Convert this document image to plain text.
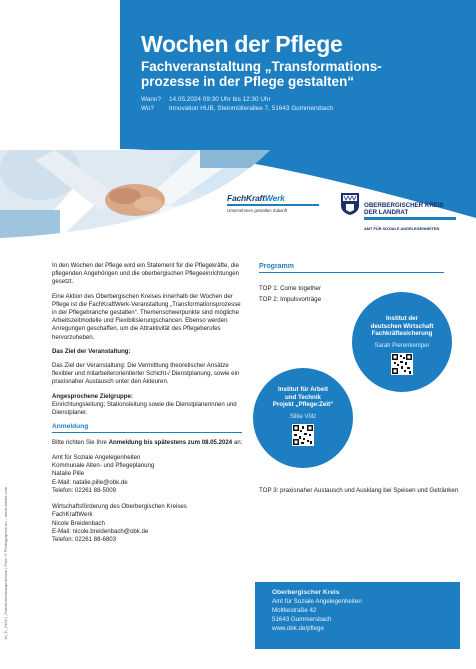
Wochen der Pflege
Fachveranstaltung „Transformations-
prozesse in der Pflege gestalten“
Wann? 14.05.2024 09:30 Uhr bis 12:30 Uhr
Wo? Innovation HUB, Steinmüllerallee 7, 51643 Gummersbach
FachKraftWerk
Unternehmen gestalten Zukunft
OBERBERGISCHER KREIS
DER LANDRAT
AMT FÜR SOZIALE ANGELEGENHEITEN

In den Wochen der Pflege wird ein Statement für die Pflegekräfte, die pflegenden Angehörigen und die oberbergischen Pflegeeinrichtungen gesetzt.

Eine Aktion des Oberbergischen Kreises innerhalb der Wochen der Pflege ist die FachKraftWerk-Veranstaltung „Transformationsprozesse in der Pflegebranche gestalten“. Themenschwerpunkte sind mögliche Arbeitszeitmodelle und Flexibilisierungschancen. Ebenso werden Anregungen geschaffen, um die Attraktivität des Pflegeberufes hervorzuheben.

Das Ziel der Veranstaltung:

Das Ziel der Veranstaltung: Die Vermittlung theoretischer Ansätze flexibler und mitarbeiterorientierter Schicht-/ Dienstplanung, sowie ein praxisnaher Austausch unter den Akteuren.

Angesprochene Zielgruppe:

Einrichtungsleitung; Stationsleitung sowie die Dienstplanerinnen und Dienstplaner.

Anmeldung

Bitte richten Sie Ihre Anmeldung bis spätestens zum 08.05.2024 an:

Amt für Soziale Angelegenheiten
Kommunale Alten- und Pflegeplanung
Natalie Pille
E-Mail: natalie.pille@obk.de
Telefon: 02261 88-5009
Wirtschaftsförderung des Oberbergischen Kreises
FachKraftWerk
Nicole Breidenbach
E-Mail: nicole.breidenbach@obk.de
Telefon: 02261 88-6803
10_D_2404 | „Transformationsprozesse | Foto: © Photographee.eu – stock.adobe.com
Programm
TOP 1: Come together
TOP 2: Impulsvorträge
Institut der
deutschen Wirtschaft
Fachkräftesicherung
Sarah Pierenkemper
Institut für Arbeit
und Technik
Projekt „Pflege:Zeit“
Silke Völz
TOP 3: praxisnaher Austausch und Ausklang bei Speisen und Getränken
Oberbergischer Kreis
Amt für Soziale Angelegenheiten
Moltkestraße 42
51643 Gummersbach
www.obk.de/pflege
